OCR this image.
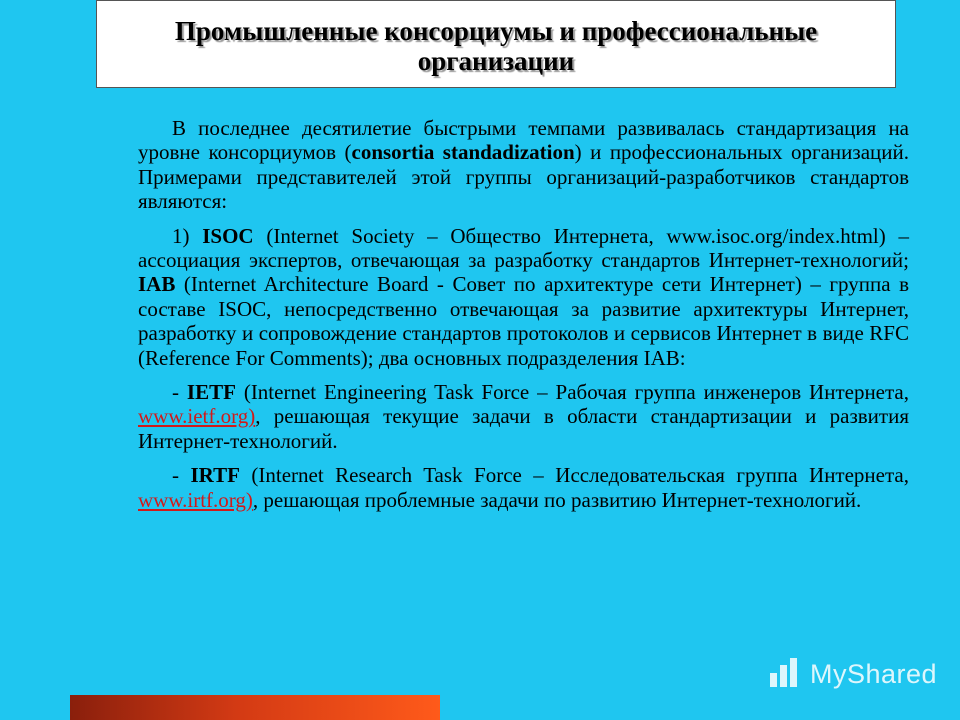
Промышленные консорциумы и профессиональные организации

В последнее десятилетие быстрыми темпами развивалась стандартизация на уровне консорциумов (consortia standadization) и профессиональных организаций. Примерами представителей этой группы организаций-разработчиков стандартов являются:

1) ISOC (Internet Society – Общество Интернета, www.isoc.org/index.html) – ассоциация экспертов, отвечающая за разработку стандартов Интернет-технологий; IAB (Internet Architecture Board - Совет по архитектуре сети Интернет) – группа в составе ISOC, непосредственно отвечающая за развитие архитектуры Интернет, разработку и сопровождение стандартов протоколов и сервисов Интернет в виде RFC (Reference For Comments); два основных подразделения IAB:

- IETF (Internet Engineering Task Force – Рабочая группа инженеров Интернета, www.ietf.org), решающая текущие задачи в области стандартизации и развития Интернет-технологий.

- IRTF (Internet Research Task Force – Исследовательская группа Интернета, www.irtf.org), решающая проблемные задачи по развитию Интернет-технологий.

MyShared
